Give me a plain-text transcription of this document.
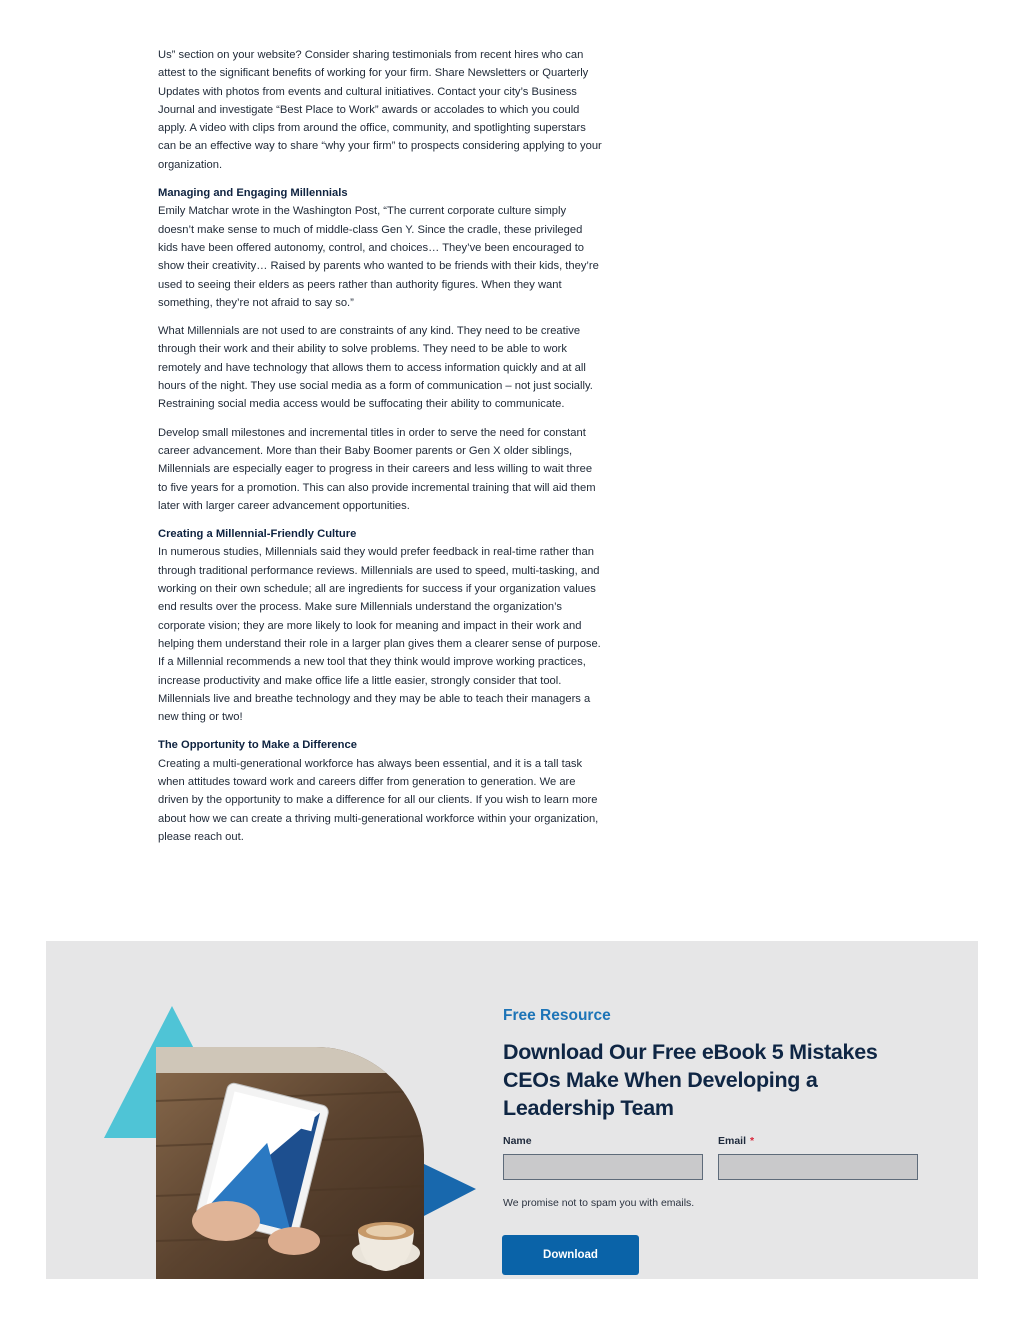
Us” section on your website? Consider sharing testimonials from recent hires who can attest to the significant benefits of working for your firm. Share Newsletters or Quarterly Updates with photos from events and cultural initiatives. Contact your city’s Business Journal and investigate “Best Place to Work” awards or accolades to which you could apply. A video with clips from around the office, community, and spotlighting superstars can be an effective way to share “why your firm” to prospects considering applying to your organization.

Managing and Engaging Millennials
Emily Matchar wrote in the Washington Post, “The current corporate culture simply doesn’t make sense to much of middle-class Gen Y. Since the cradle, these privileged kids have been offered autonomy, control, and choices… They’ve been encouraged to show their creativity… Raised by parents who wanted to be friends with their kids, they’re used to seeing their elders as peers rather than authority figures. When they want something, they’re not afraid to say so.”

What Millennials are not used to are constraints of any kind. They need to be creative through their work and their ability to solve problems. They need to be able to work remotely and have technology that allows them to access information quickly and at all hours of the night. They use social media as a form of communication – not just socially. Restraining social media access would be suffocating their ability to communicate.

Develop small milestones and incremental titles in order to serve the need for constant career advancement. More than their Baby Boomer parents or Gen X older siblings, Millennials are especially eager to progress in their careers and less willing to wait three to five years for a promotion. This can also provide incremental training that will aid them later with larger career advancement opportunities.

Creating a Millennial-Friendly Culture
In numerous studies, Millennials said they would prefer feedback in real-time rather than through traditional performance reviews. Millennials are used to speed, multi-tasking, and working on their own schedule; all are ingredients for success if your organization values end results over the process. Make sure Millennials understand the organization’s corporate vision; they are more likely to look for meaning and impact in their work and helping them understand their role in a larger plan gives them a clearer sense of purpose. If a Millennial recommends a new tool that they think would improve working practices, increase productivity and make office life a little easier, strongly consider that tool. Millennials live and breathe technology and they may be able to teach their managers a new thing or two!

The Opportunity to Make a Difference
Creating a multi-generational workforce has always been essential, and it is a tall task when attitudes toward work and careers differ from generation to generation. We are driven by the opportunity to make a difference for all our clients. If you wish to learn more about how we can create a thriving multi-generational workforce within your organization, please reach out.

Free Resource
Download Our Free eBook 5 Mistakes CEOs Make When Developing a Leadership Team
Name	Email *
We promise not to spam you with emails.
Download
